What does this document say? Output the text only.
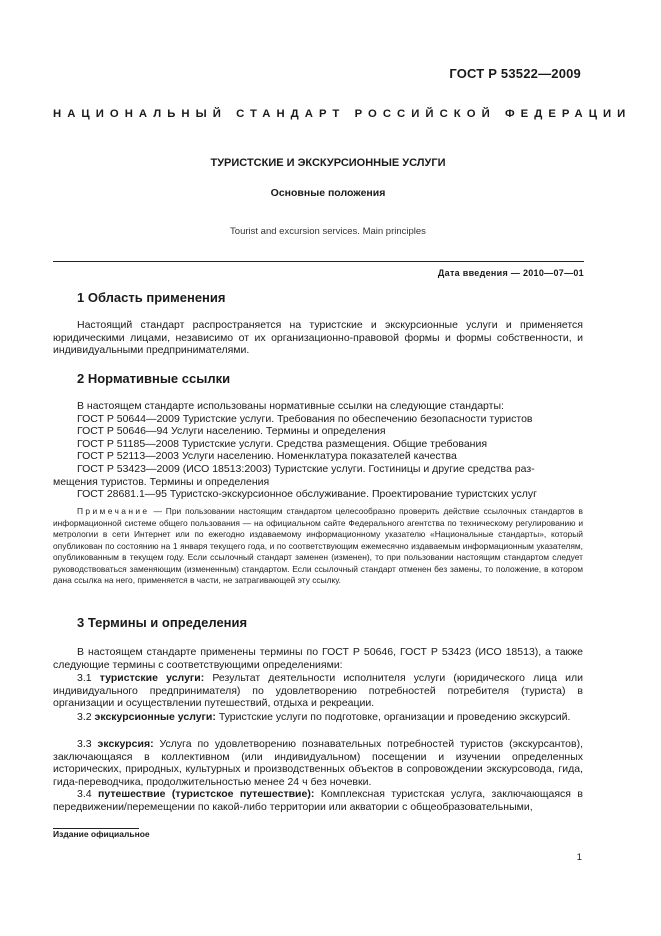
ГОСТ Р 53522—2009

НАЦИОНАЛЬНЫЙ СТАНДАРТ РОССИЙСКОЙ ФЕДЕРАЦИИ

ТУРИСТСКИЕ И ЭКСКУРСИОННЫЕ УСЛУГИ

Основные положения

Tourist and excursion services. Main principles

Дата введения — 2010—07—01

1 Область применения

Настоящий стандарт распространяется на туристские и экскурсионные услуги и применяется юридическими лицами, независимо от их организационно-правовой формы и формы собственности, и индивидуальными предпринимателями.

2 Нормативные ссылки

В настоящем стандарте использованы нормативные ссылки на следующие стандарты:

ГОСТ Р 50644—2009 Туристские услуги. Требования по обеспечению безопасности туристов

ГОСТ Р 50646—94 Услуги населению. Термины и определения

ГОСТ Р 51185—2008 Туристские услуги. Средства размещения. Общие требования

ГОСТ Р 52113—2003 Услуги населению. Номенклатура показателей качества

ГОСТ Р 53423—2009 (ИСО 18513:2003) Туристские услуги. Гостиницы и другие средства раз-

мещения туристов. Термины и определения

ГОСТ 28681.1—95 Туристско-экскурсионное обслуживание. Проектирование туристских услуг

Примечание — При пользовании настоящим стандартом целесообразно проверить действие ссылочных стандартов в информационной системе общего пользования — на официальном сайте Федерального агентства по техническому регулированию и метрологии в сети Интернет или по ежегодно издаваемому информационному указателю «Национальные стандарты», который опубликован по состоянию на 1 января текущего года, и по соответствующим ежемесячно издаваемым информационным указателям, опубликованным в текущем году. Если ссылочный стандарт заменен (изменен), то при пользовании настоящим стандартом следует руководствоваться заменяющим (измененным) стандартом. Если ссылочный стандарт отменен без замены, то положение, в котором дана ссылка на него, применяется в части, не затрагивающей эту ссылку.

3 Термины и определения

В настоящем стандарте применены термины по ГОСТ Р 50646, ГОСТ Р 53423 (ИСО 18513), а также следующие термины с соответствующими определениями:

3.1 туристские услуги: Результат деятельности исполнителя услуги (юридического лица или индивидуального предпринимателя) по удовлетворению потребностей потребителя (туриста) в организации и осуществлении путешествий, отдыха и рекреации.

3.2 экскурсионные услуги: Туристские услуги по подготовке, организации и проведению экскурсий.

3.3 экскурсия: Услуга по удовлетворению познавательных потребностей туристов (экскурсантов), заключающаяся в коллективном (или индивидуальном) посещении и изучении определенных исторических, природных, культурных и производственных объектов в сопровождении экскурсовода, гида, гида-переводчика, продолжительностью менее 24 ч без ночевки.

3.4 путешествие (туристское путешествие): Комплексная туристская услуга, заключающаяся в передвижении/перемещении по какой-либо территории или акватории с общеобразовательными,

Издание официальное

1
